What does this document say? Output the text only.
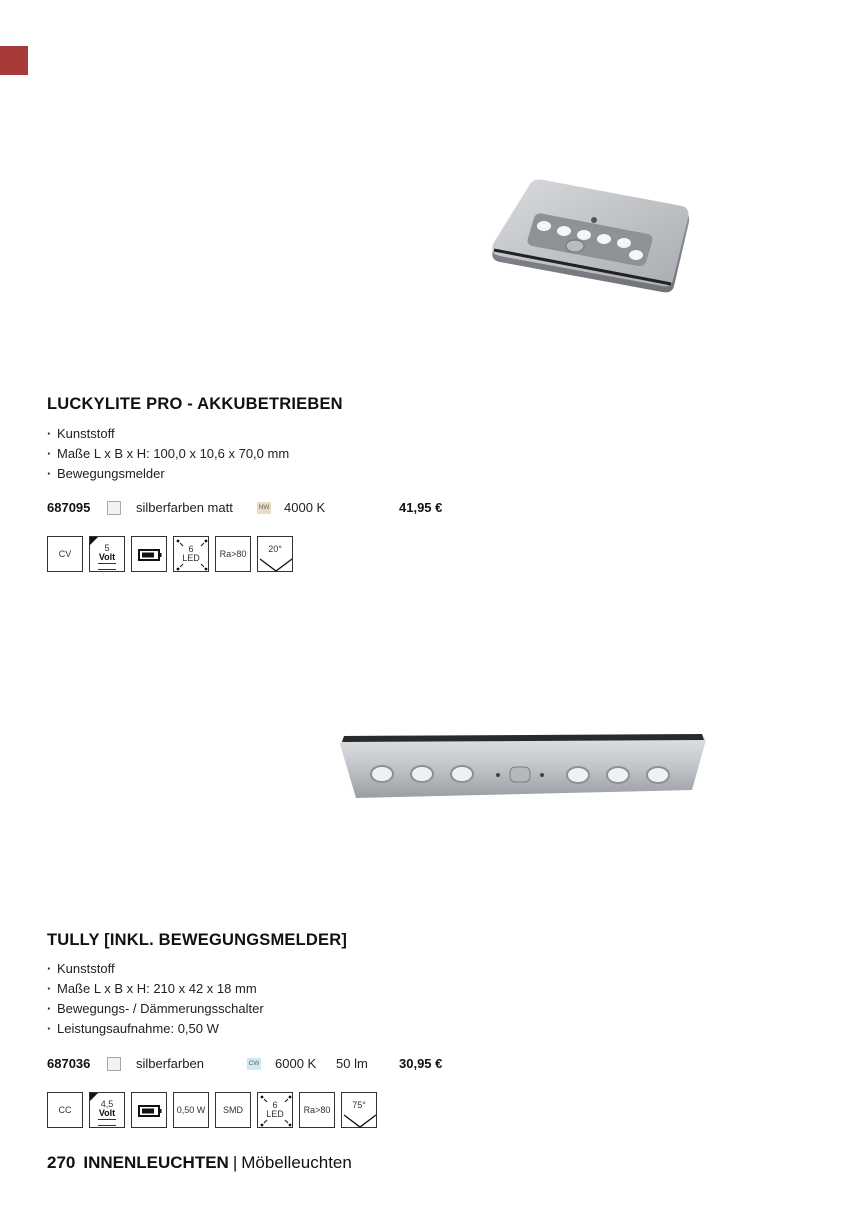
LUCKYLITE PRO - AKKUBETRIEBEN
· Kunststoff
· Maße L x B x H: 100,0 x 10,6 x 70,0 mm
· Bewegungsmelder
687095	silberfarben matt	NW 4000 K	41,95 €
CV
5
Volt
6
LED	Ra>80	20°
TULLY [INKL. BEWEGUNGSMELDER]
· Kunststoff
· Maße L x B x H: 210 x 42 x 18 mm
· Bewegungs- / Dämmerungsschalter
· Leistungsaufnahme: 0,50 W
687036	silberfarben	CW 6000 K 50 lm 30,95 €
CC
4,5
Volt	0,50 W	SMD	6
LED	Ra>80	75°
270 INNENLEUCHTEN | Möbelleuchten
